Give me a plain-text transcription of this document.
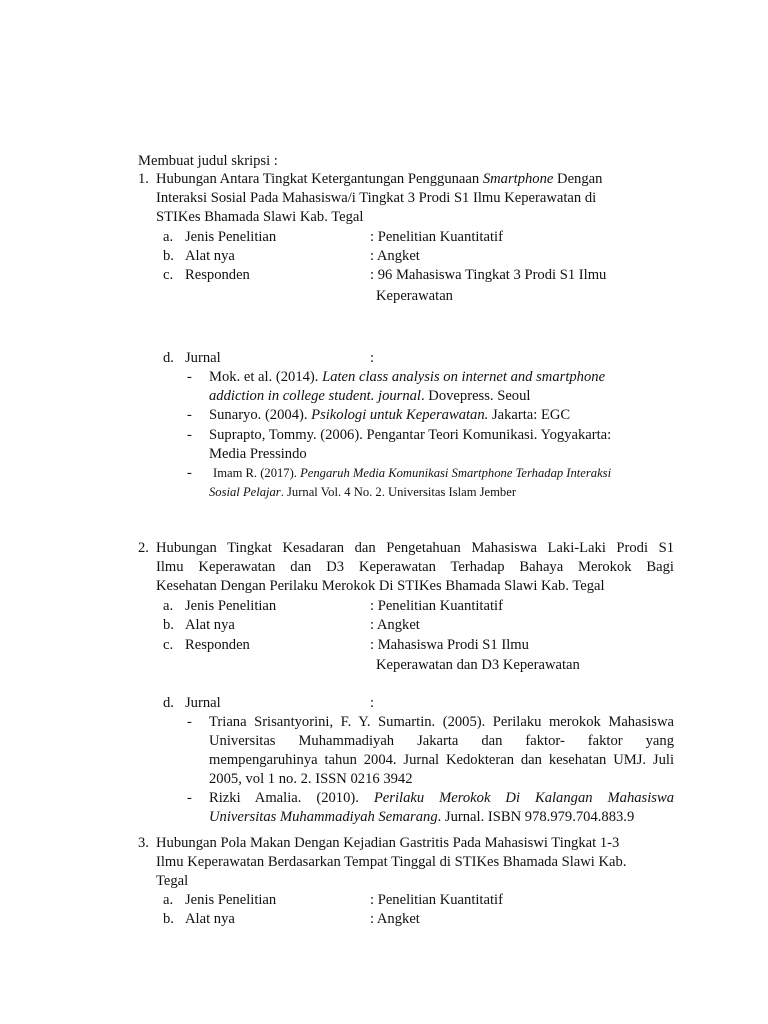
Membuat judul skripsi :
1. Hubungan Antara Tingkat Ketergantungan Penggunaan Smartphone Dengan
Interaksi Sosial Pada Mahasiswa/i Tingkat 3 Prodi S1 Ilmu Keperawatan di
STIKes Bhamada Slawi Kab. Tegal
a. Jenis Penelitian	: Penelitian Kuantitatif
b. Alat nya	: Angket
c. Responden	: 96 Mahasiswa Tingkat 3 Prodi S1 Ilmu
Keperawatan
d. Jurnal	:
- Mok. et al. (2014). Laten class analysis on internet and smartphone
addiction in college student. journal. Dovepress. Seoul
- Sunaryo. (2004). Psikologi untuk Keperawatan. Jakarta: EGC
- Suprapto, Tommy. (2006). Pengantar Teori Komunikasi. Yogyakarta:
Media Pressindo
- Imam R. (2017). Pengaruh Media Komunikasi Smartphone Terhadap Interaksi
Sosial Pelajar. Jurnal Vol. 4 No. 2. Universitas Islam Jember
2. Hubungan Tingkat Kesadaran dan Pengetahuan Mahasiswa Laki-Laki Prodi S1
Ilmu Keperawatan dan D3 Keperawatan Terhadap Bahaya Merokok Bagi
Kesehatan Dengan Perilaku Merokok Di STIKes Bhamada Slawi Kab. Tegal
a. Jenis Penelitian	: Penelitian Kuantitatif
b. Alat nya	: Angket
c. Responden	: Mahasiswa Prodi S1 Ilmu
Keperawatan dan D3 Keperawatan
d. Jurnal	:
- Triana Srisantyorini, F. Y. Sumartin. (2005). Perilaku merokok Mahasiswa
Universitas Muhammadiyah Jakarta dan faktor- faktor yang
mempengaruhinya tahun 2004. Jurnal Kedokteran dan kesehatan UMJ. Juli
2005, vol 1 no. 2. ISSN 0216 3942
- Rizki Amalia. (2010). Perilaku Merokok Di Kalangan Mahasiswa
Universitas Muhammadiyah Semarang. Jurnal. ISBN 978.979.704.883.9
3. Hubungan Pola Makan Dengan Kejadian Gastritis Pada Mahasiswi Tingkat 1-3
Ilmu Keperawatan Berdasarkan Tempat Tinggal di STIKes Bhamada Slawi Kab.
Tegal
a. Jenis Penelitian	: Penelitian Kuantitatif
b. Alat nya	: Angket
